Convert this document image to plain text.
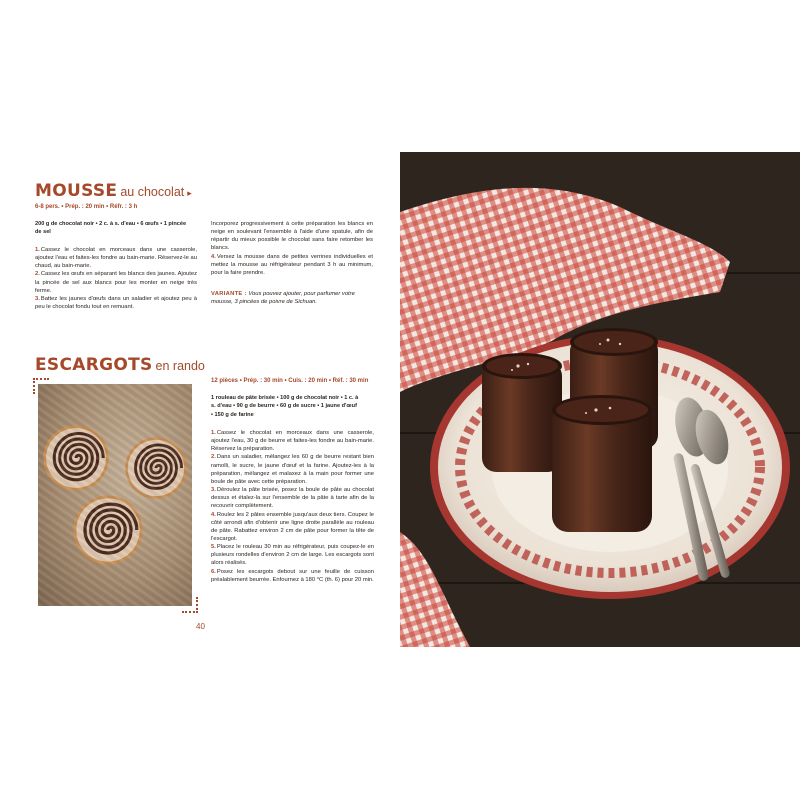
MOUSSE au chocolat ▸
6-8 pers. • Prép. : 20 min • Réfr. : 3 h

200 g de chocolat noir • 2 c. à s. d'eau • 6 œufs • 1 pincée
de sel

1.Cassez le chocolat en morceaux dans une casserole, ajoutez l'eau et faites-les fondre au bain-marie. Réservez-le au chaud, au bain-marie.
2.Cassez les œufs en séparant les blancs des jaunes. Ajoutez la pincée de sel aux blancs pour les monter en neige très ferme.
3.Battez les jaunes d'œufs dans un saladier et ajoutez peu à peu le chocolat fondu tout en remuant.
Incorporez progressivement à cette préparation les blancs en neige en soulevant l'ensemble à l'aide d'une spatule, afin de répartir du mieux possible le chocolat sans faire retomber les blancs.
4.Versez la mousse dans de petites verrines individuelles et mettez la mousse au réfrigérateur pendant 3 h au minimum, pour la faire prendre.

VARIANTE : Vous pouvez ajouter, pour parfumer votre mousse, 3 pincées de poivre de Sichuan.

ESCARGOTS en rando
12 pièces • Prép. : 30 min • Cuis. : 20 min • Réf. : 30 min

1 rouleau de pâte brisée • 100 g de chocolat noir • 1 c. à
s. d'eau • 90 g de beurre • 60 g de sucre • 1 jaune d'œuf
• 150 g de farine

1.Cassez le chocolat en morceaux dans une casserole, ajoutez l'eau, 30 g de beurre et faites-les fondre au bain-marie. Réservez la préparation.
2.Dans un saladier, mélangez les 60 g de beurre restant bien ramolli, le sucre, le jaune d'œuf et la farine. Ajoutez-les à la préparation, mélangez et malaxez à la main pour former une boule de pâte avec cette préparation.
3.Déroulez la pâte brisée, posez la boule de pâte au chocolat dessus et étalez-la sur l'ensemble de la pâte à tarte afin de la recouvrir complètement.
4.Roulez les 2 pâtes ensemble jusqu'aux deux tiers. Coupez le côté arrondi afin d'obtenir une ligne droite parallèle au rouleau de pâte. Rabattez environ 2 cm de pâte pour former la tête de l'escargot.
5.Placez le rouleau 30 min au réfrigérateur, puis coupez-le en plusieurs rondelles d'environ 2 cm de large. Les escargots sont alors réalisés.
6.Posez les escargots debout sur une feuille de cuisson préalablement beurrée. Enfournez à 180 °C (th. 6) pour 20 min.
40
